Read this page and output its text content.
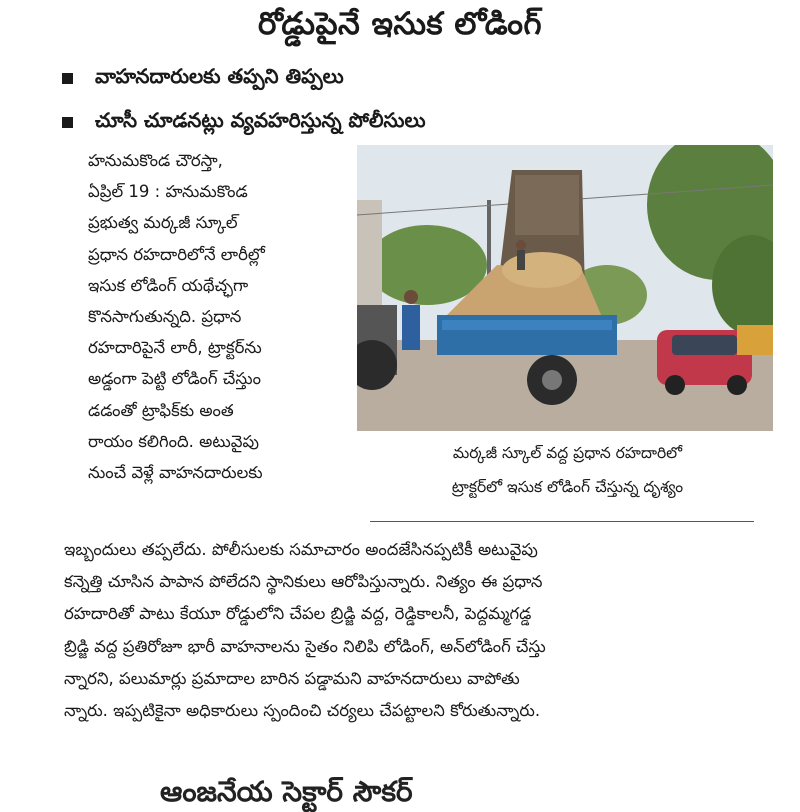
రోడ్డుపైనే ఇసుక లోడింగ్
వాహనదారులకు తప్పని తిప్పలు
చూసీ చూడనట్లు వ్యవహరిస్తున్న పోలీసులు
హనుమకొండ చౌరస్తా,
ఏప్రిల్ 19 : హనుమకొండ
ప్రభుత్వ మర్కజీ స్కూల్
ప్రధాన రహదారిలోనే లారీల్లో
ఇసుక లోడింగ్ యథేచ్ఛగా
కొనసాగుతున్నది. ప్రధాన
రహదారిపైనే లారీ, ట్రాక్టర్‌ను
అడ్డంగా పెట్టి లోడింగ్ చేస్తుం
డడంతో ట్రాఫిక్‌కు అంత
రాయం కలిగింది. అటువైపు
నుంచే వెళ్లే వాహనదారులకు
మర్కజీ స్కూల్ వద్ద ప్రధాన రహదారిలో
ట్రాక్టర్‌లో ఇసుక లోడింగ్ చేస్తున్న దృశ్యం
ఇబ్బందులు తప్పలేదు. పోలీసులకు సమాచారం అందజేసినప్పటికీ అటువైపు
కన్నెత్తి చూసిన పాపాన పోలేదని స్థానికులు ఆరోపిస్తున్నారు. నిత్యం ఈ ప్రధాన
రహదారితో పాటు కేయూ రోడ్డులోని చేపల బ్రిడ్జి వద్ద, రెడ్డికాలనీ, పెద్దమ్మగడ్డ
బ్రిడ్జి వద్ద ప్రతిరోజూ భారీ వాహనాలను సైతం నిలిపి లోడింగ్, అన్‌లోడింగ్ చేస్తు
న్నారని, పలుమార్లు ప్రమాదాల బారిన పడ్డామని వాహనదారులు వాపోతు
న్నారు. ఇప్పటికైనా అధికారులు స్పందించి చర్యలు చేపట్టాలని కోరుతున్నారు.
ఆంజనేయ సెక్టార్ సౌకర్
